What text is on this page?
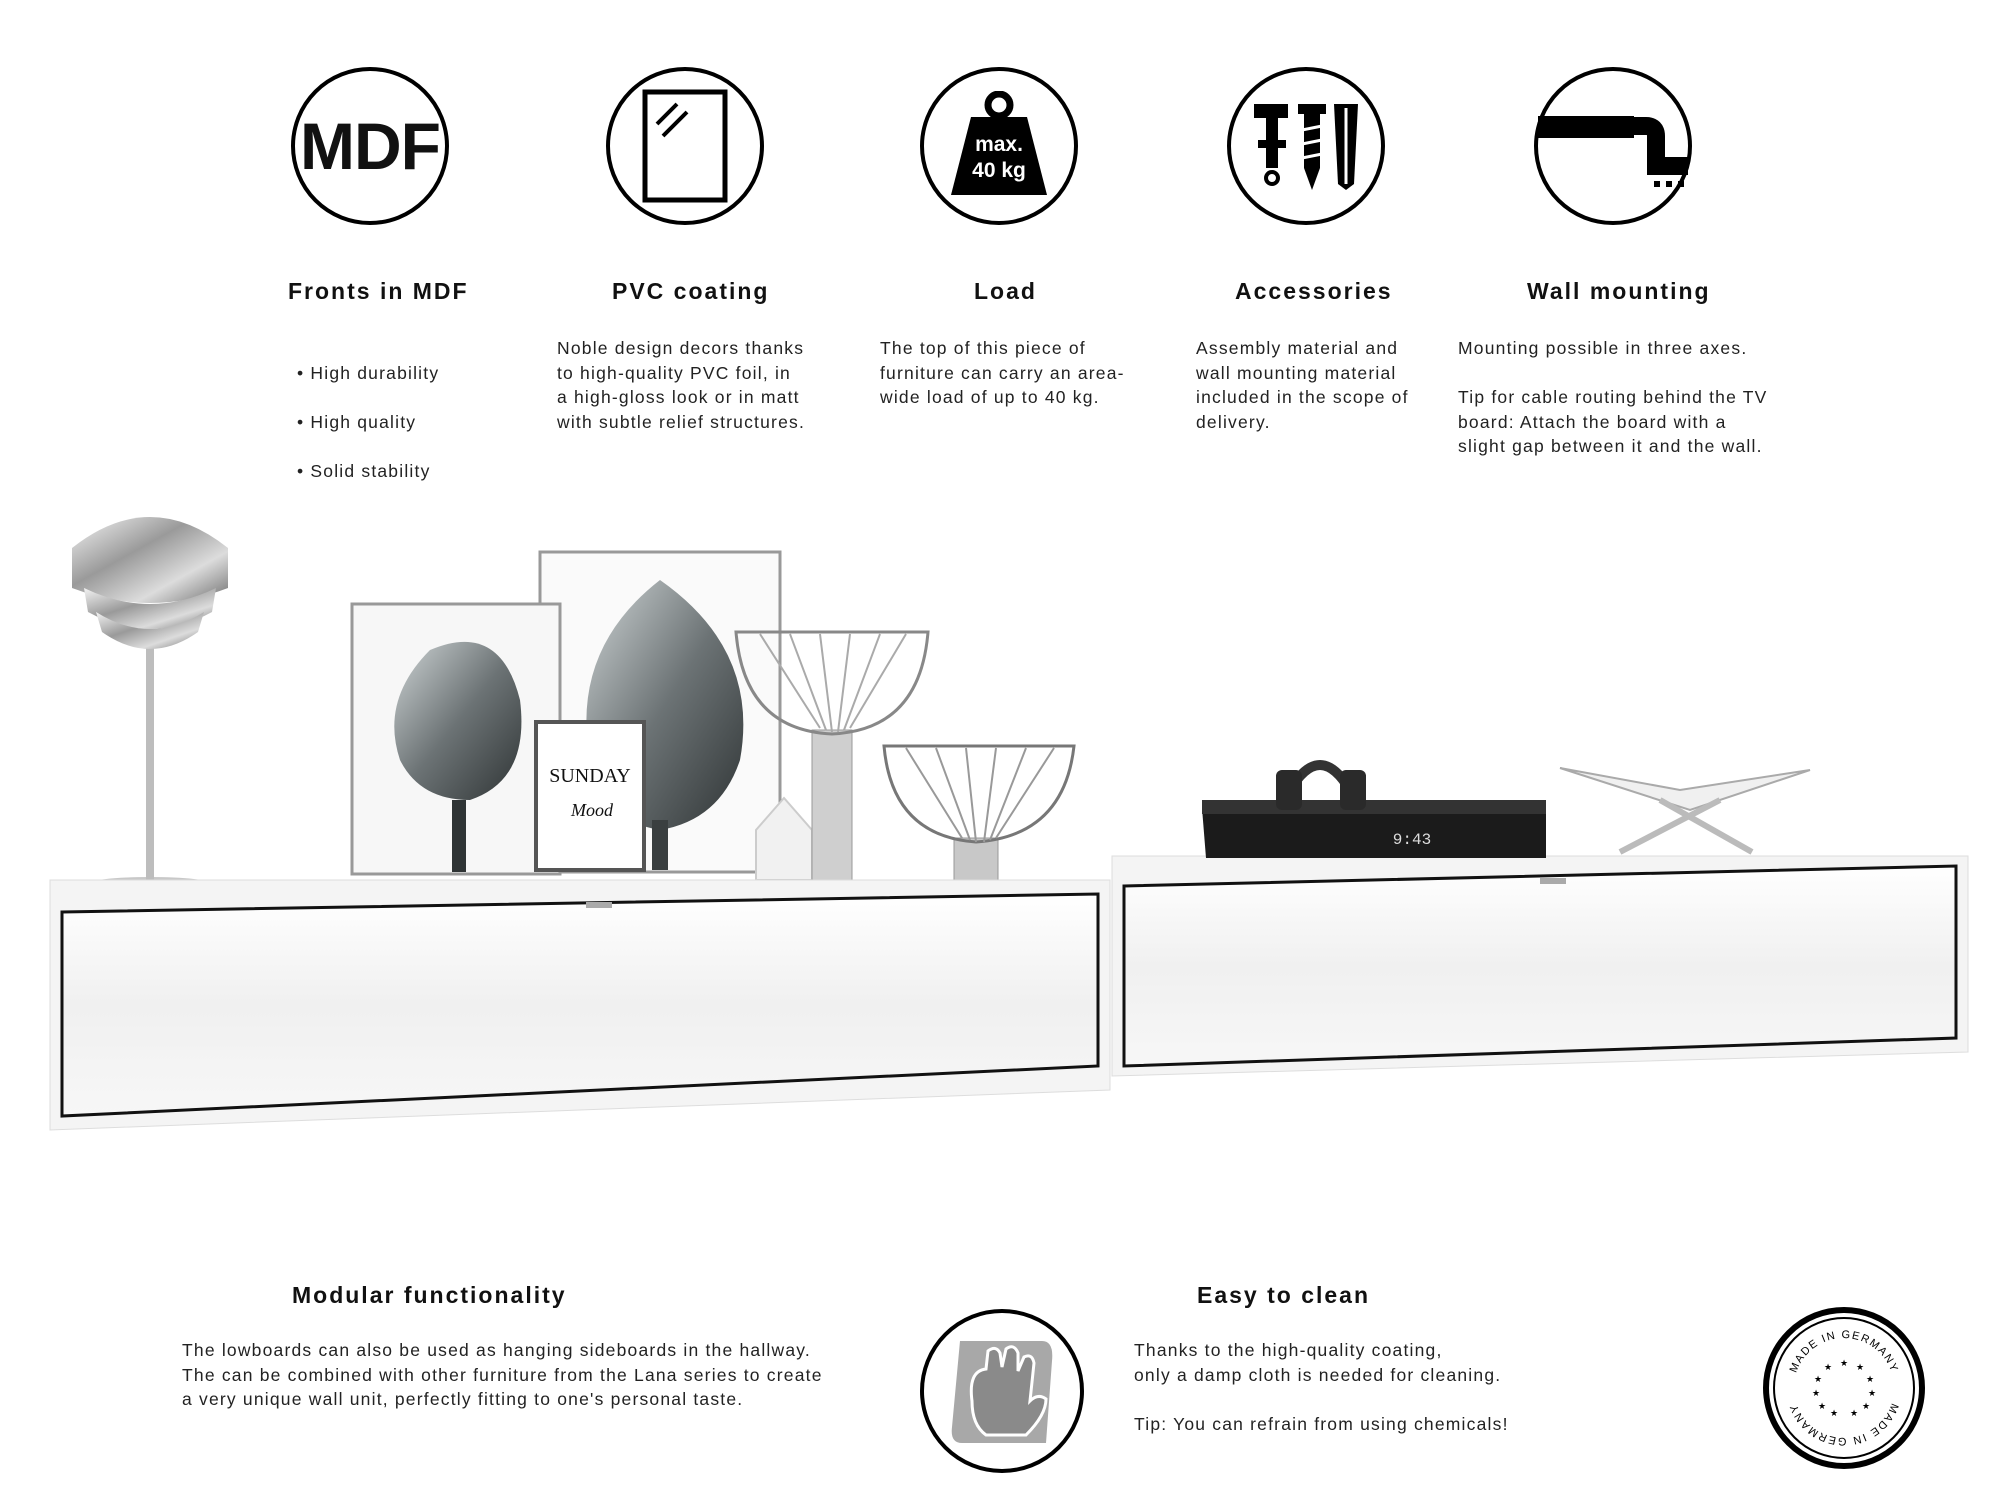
MDF
Fronts in MDF

• High durability

• High quality

• Solid stability

PVC coating

Noble design decors thanks
to high-quality PVC foil, in
a high-gloss look or in matt
with subtle relief structures.

max.
40 kg
Load

The top of this piece of
furniture can carry an area-
wide load of up to 40 kg.

Accessories

Assembly material and
wall mounting material
included in the scope of
delivery.

Wall mounting

Mounting possible in three axes.

Tip for cable routing behind the TV
board: Attach the board with a
slight gap between it and the wall.

SUNDAY
Mood
9:43
Modular functionality

The lowboards can also be used as hanging sideboards in the hallway.
The can be combined with other furniture from the Lana series to create
a very unique wall unit, perfectly fitting to one's personal taste.

Easy to clean

Thanks to the high-quality coating,
only a damp cloth is needed for cleaning.

Tip: You can refrain from using chemicals!

MADE IN GERMANY
MADE IN GERMANY
★ ★
★
★
★
★
★
★
★
★
★
